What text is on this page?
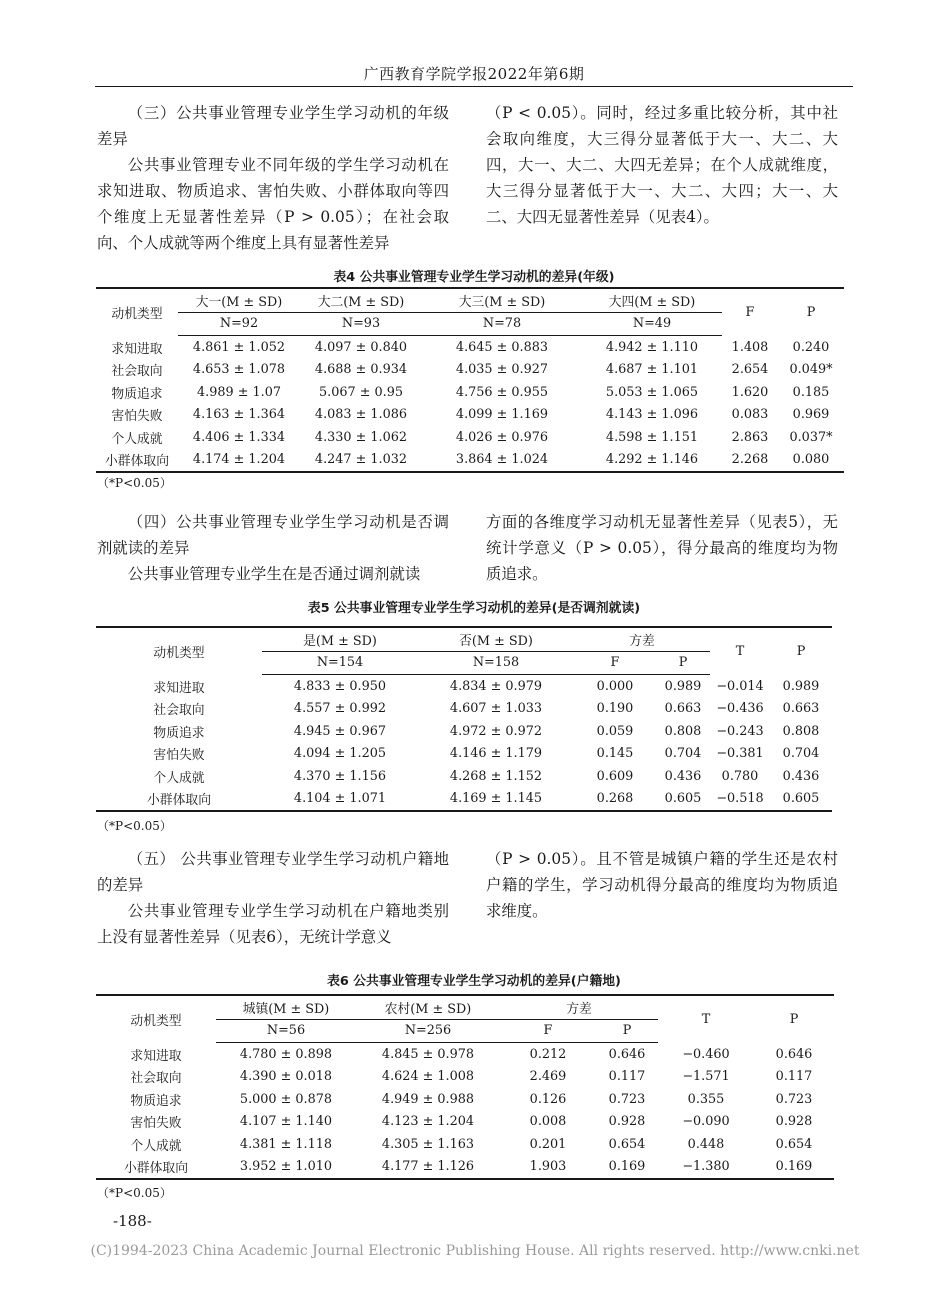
广西教育学院学报2022年第6期

（三）公共事业管理专业学生学习动机的年级差异

公共事业管理专业不同年级的学生学习动机在求知进取、物质追求、害怕失败、小群体取向等四个维度上无显著性差异（P > 0.05）；在社会取向、个人成就等两个维度上具有显著性差异

（P < 0.05）。同时，经过多重比较分析，其中社会取向维度，大三得分显著低于大一、大二、大四，大一、大二、大四无差异；在个人成就维度，大三得分显著低于大一、大二、大四；大一、大二、大四无显著性差异（见表4）。

表4 公共事业管理专业学生学习动机的差异(年级)
动机类型	大一(M ± SD)	大二(M ± SD)	大三(M ± SD)	大四(M ± SD)	F	P
	N=92	N=93	N=78	N=49		
求知进取	4.861 ± 1.052	4.097 ± 0.840	4.645 ± 0.883	4.942 ± 1.110	1.408	0.240
社会取向	4.653 ± 1.078	4.688 ± 0.934	4.035 ± 0.927	4.687 ± 1.101	2.654	0.049*
物质追求	4.989 ± 1.07	5.067 ± 0.95	4.756 ± 0.955	5.053 ± 1.065	1.620	0.185
害怕失败	4.163 ± 1.364	4.083 ± 1.086	4.099 ± 1.169	4.143 ± 1.096	0.083	0.969
个人成就	4.406 ± 1.334	4.330 ± 1.062	4.026 ± 0.976	4.598 ± 1.151	2.863	0.037*
小群体取向	4.174 ± 1.204	4.247 ± 1.032	3.864 ± 1.024	4.292 ± 1.146	2.268	0.080
（*P<0.05）

（四）公共事业管理专业学生学习动机是否调剂就读的差异

公共事业管理专业学生在是否通过调剂就读

方面的各维度学习动机无显著性差异（见表5），无统计学意义（P > 0.05），得分最高的维度均为物质追求。

表5 公共事业管理专业学生学习动机的差异(是否调剂就读)
动机类型	是(M ± SD)	否(M ± SD)	方差		T	P
	N=154	N=158	F	P		
求知进取	4.833 ± 0.950	4.834 ± 0.979	0.000	0.989	−0.014	0.989
社会取向	4.557 ± 0.992	4.607 ± 1.033	0.190	0.663	−0.436	0.663
物质追求	4.945 ± 0.967	4.972 ± 0.972	0.059	0.808	−0.243	0.808
害怕失败	4.094 ± 1.205	4.146 ± 1.179	0.145	0.704	−0.381	0.704
个人成就	4.370 ± 1.156	4.268 ± 1.152	0.609	0.436	0.780	0.436
小群体取向	4.104 ± 1.071	4.169 ± 1.145	0.268	0.605	−0.518	0.605
（*P<0.05）

（五） 公共事业管理专业学生学习动机户籍地的差异

公共事业管理专业学生学习动机在户籍地类别上没有显著性差异（见表6），无统计学意义

（P > 0.05）。且不管是城镇户籍的学生还是农村户籍的学生，学习动机得分最高的维度均为物质追求维度。

表6 公共事业管理专业学生学习动机的差异(户籍地)
动机类型	城镇(M ± SD)	农村(M ± SD)	方差		T	P
	N=56	N=256	F	P		
求知进取	4.780 ± 0.898	4.845 ± 0.978	0.212	0.646	−0.460	0.646
社会取向	4.390 ± 0.018	4.624 ± 1.008	2.469	0.117	−1.571	0.117
物质追求	5.000 ± 0.878	4.949 ± 0.988	0.126	0.723	0.355	0.723
害怕失败	4.107 ± 1.140	4.123 ± 1.204	0.008	0.928	−0.090	0.928
个人成就	4.381 ± 1.118	4.305 ± 1.163	0.201	0.654	0.448	0.654
小群体取向	3.952 ± 1.010	4.177 ± 1.126	1.903	0.169	−1.380	0.169
（*P<0.05）
-188-
(C)1994-2023 China Academic Journal Electronic Publishing House. All rights reserved. http://www.cnki.net
